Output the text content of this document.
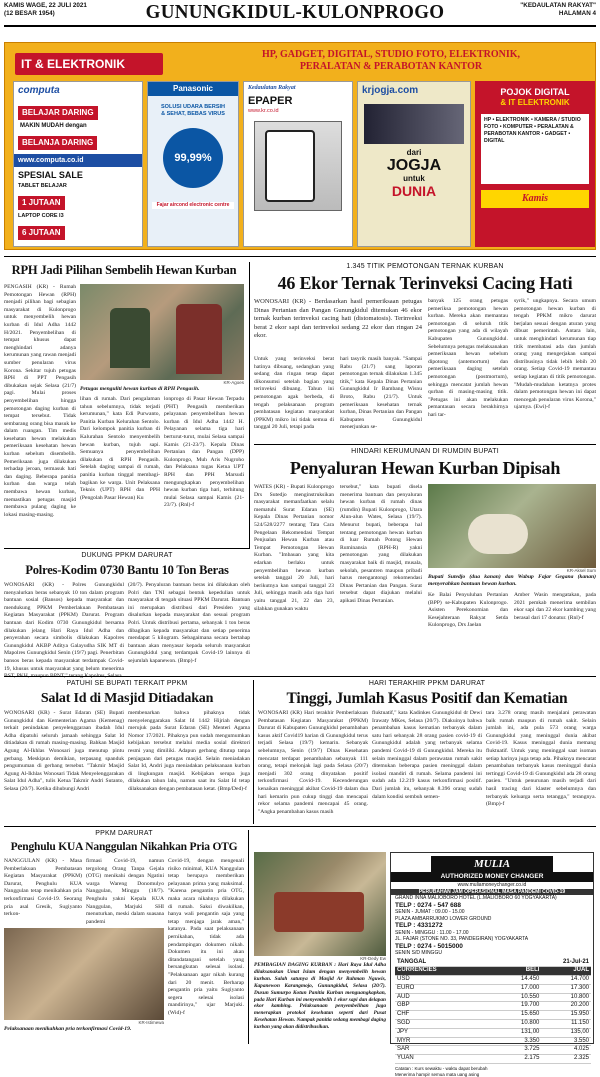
KAMIS WAGE, 22 JULI 2021
(12 BESAR 1954)	GUNUNGKIDUL-KULONPROGO	"KEDAULATAN RAKYAT"
HALAMAN 4
IT & ELEKTRONIK
HP, GADGET, DIGITAL, STUDIO FOTO, ELEKTRONIK,
PERALATAN & PERABOTAN KANTOR
computa
BELAJAR DARING
MAKIN MUDAH dengan
BELANJA DARING
www.computa.co.id
SPESIAL SALE
TABLET BELAJAR
1 JUTAAN
LAPTOP CORE I3
6 JUTAAN
Panasonic
SOLUSI UDARA BERSIH
& SEHAT, BEBAS VIRUS
99,99%
Fajar aircond electronic centre
Kedaulatan Rakyat
EPAPER
www.kr.co.id
krjogja.com
dari
JOGJA
untuk
DUNIA
POJOK DIGITAL
& IT ELEKTRONIK
HP • ELEKTRONIK • KAMERA / STUDIO FOTO • KOMPUTER • PERALATAN & PERABOTAN KANTOR • GADGET • DIGITAL
Kamis
RPH Jadi Pilihan Sembelih Hewan Kurban
PENGASIH (KR) - Rumah Pemotongan Hewan (RPH) menjadi pilihan bagi sebagian masyarakat di Kulonprogo untuk menyembelih hewan kurban di Idul Adha 1442 H/2021. Penyembelihan di tempat khusus dapat menghindari adanya kerumunan yang rawan menjadi sumber penularan virus Korona. Sekitar tujuh petugas RPH di PPT Pengasih dibukakan sejak Selasa (21/7) pagi. Mulai proses penyembelihan hingga pemotongan daging kurban di tempat tersebut. Tidak sembarang orang bisa masuk ke dalam ruangan. Tim medis kesehatan hewan melakukan pemeriksaan kesehatan hewan kurban sebelum disembelih. Pemeriksaan juga dilakukan terhadap jeroan, termasuk hati dan daging. Beberapa panitia kurban dan warga telah membawa hewan kurban, memastikan petugas masjid membawa pulang daging ke lokasi masing-masing.
KR-Agoes
Petugas menguliti hewan kurban di RPH Pengasih.
lihan di rumah. Dari pengalaman tahun sebelumnya, tidak terjadi kerumunan," kata Edi Purwanto, Panitia Kurban Kelurahan Sentolo. Dari kelompok panitia kurban di Kalurahan Sentolo menyembelih hewan kurban, tujuh sapi. Semuanya penyembelihan dilakukan di RPH Pengasih. Setelah daging sampai di rumah, panitia kurban tinggal membagi-bagikan ke warga. Unit Pelaksana Teknis (UPT) RPH dan PPH (Pengolah Pasar Hewan) Ku
lonprogo di Pasar Hewan Terpadu (PHT) Pengasih memberikan pelayanan penyembelihan hewan kurban di Idul Adha 1442 H. Pelayanan selama tiga hari berturut-turut, mulai Selasa sampai Kamis (21-23/7). Kepala Dinas Pertanian dan Pangan (DPP) Kulonprogo, Muh Aris Nugroho dan Pelaksana tugas Ketua UPT RPH dan PPH Marsudi mengungkapkan penyembelihan hewan kurban tiga hari, terhitung mulai Selasa sampai Kamis (21-23/7). (Rnl)-f
1.345 TITIK PEMOTONGAN TERNAK KURBAN
46 Ekor Ternak Terinveksi Cacing Hati
WONOSARI (KR) - Berdasarkan hasil pemeriksaan petugas Dinas Pertanian dan Pangan Gunungkidul ditemukan 46 ekor ternak kurban terinveksi cacing hati (distomatosis). Terinveksi berat 2 ekor sapi dan terinveksi sedang 22 ekor dan ringan 24 ekor.
Untuk yang terinveksi berat hatinya dibuang, sedangkan yang sedang dan ringan tetap dapat dikonsumsi setelah bagian yang terinveksi dibuang. Tahun ini pemotongan agak berbeda, di tengah pelaksanaan program pembatasan kegiatan masyarakat (PPKM) mikro ini tidak semua di tanggal 20 Juli, tetapi pada
hari tasyrik masih banyak. "Sampai Rabu (21/7) sang laporan pemotongan ternak dilakukan 1.345 titik," kata Kepala Dinas Pertanian Gunungkidul Ir Bambang Wisnu Broto, Rabu (21/7). Untuk pemeriksaan kesehatan ternak kurban, Dinas Pertanian dan Pangan Kabupaten Gunungkidul menerjunkan se-
banyak 125 orang petugas pemeriksa pemotongan hewan kurban. Mereka akan memantau pemotongan di seluruh titik pemotongan yang ada di wilayah Kabupaten Gunungkidul. Sebelumnya petugas melaksanakan pemeriksaan hewan sebelum dipotong (antemortum) dan pemeriksaan daging setelah pemotongan (postmortum), sehingga mencatat jumlah hewan qurban di masing-masing titik. "Petugas ini akan melakukan pemantauan secara berakhirnya hari tar-
syrik," ungkapnya. Secara umum pemotongan hewan kurban di tengah PPKM mikro darurat berjalan sesuai dengan aturan yang dibuat pemerintah. Antara lain, untuk menghindari kerumunan tiap titik membatasi ada dan jumlah orang yang mengerjakan sampai distribusinya tidak lebih lebih 20 orang. Setiap Covid-19 memantau setiap kegiatan di titik pemotongan. "Mudah-mudahan ketatnya protes dalam pemotongan hewan ini dapat mencegah penularan virus Korona," ujarnya. (Ewi)-f
HINDARI KERUMUNAN DI RUMDIN BUPATI
Penyaluran Hewan Kurban Dipisah
WATES (KR) - Bupati Kulonprogo Drs Sutedjo menginstruksikan masyarakat memanfaatkan selalu mematuhi Surat Edaran (SE) Kepala Dinas Pertanian nomor 524/528/2277 tentang Tata Cara Pengelaan Rekomendasi Tempat Penjualan Hewan Kurban atau Tempat Pemotongan Hewan Kurban. "Imbauan yang kita edarkan berlaku untuk penyembelihan hewan kurban setelah tanggal 20 Juli, hari berikutnya kan sampai tanggal 23 Juli, sehingga masih ada tiga hari yaitu tanggal 21, 22 dan 23, silahkan gunakan waktu
tersebut," kata bupati disela menerima bantuan dan penyaluran hewan kurban di rumah dinas (rumdin) Bupati Kulonprogo, Utara Alun-alun Wates, Selasa (19/7). Menurut bupati, beberapa hal tentang pemotongan hewan kurban di luar Rumah Potong Hewan Ruminansia (RPH-R) yakni pemotongan yang dilakukan masyarakat baik di masjid, musala, sekolah, pesantren maupun pribadi harus mengantongi rekomendasi Dinas Pertanian dan Pangan. Surat tersebut dapat diajukan melalui apikasi Dinas Pertanian.
KR-Aksel Sum
Bupati Sutedjo (dua kanan) dan Wabup Fajar Gegana (kanan) menyerahkan bantuan hewan kurban.
Ke Balai Penyuluhan Pertanian (BPP) se-Kabupaten Kulonprogo. Asisten Perekonomian dan Kesejahteraan Rakyat Setda Kulonprogo, Drs Jaelan
Amber Wasin mengatakan, pada 2021 pemkab menerima sembilan ekor sapi dan 22 ekor kambing yang berasal dari 17 donatur. (Rnl)-f
DUKUNG PPKM DARURAT
Polres-Kodim 0730 Bantu 10 Ton Beras
WONOSARI (KR) - Polres Gunungkidul menyalurkan beras sebanyak 10 ton dalam program bantuan sosial (Bansos) kepada masyarakat dan mendukung PPKM Pemberlakuan Pembatasan Kegiatan Masyarakat (PPKM) Darurat. Program bantuan dari Kodim 0730 Gunungkidul bersama dilakukan jelang Hari Raya Idul Adha dan penyerahan secara simbolis dilakukan Kapolres Gunungkidul AKBP Aditya Galayudha SIK MT di Mapolres Gunungkidul Senin (19/7) pagi. Penerbitan bansos beras kepada masyarakat terdampak Covid-19, khusus untuk masyarakat yang belum menerima
(20/7). Penyaluran bantuan beras ini dilakukan oleh Polri dan TNI sebagai bentuk kepedulian untuk masyarakat di tengah situasi PPKM Darurat. Bantuan ini merupakan distribusi dari Presiden yang disalurkan kepada masyarakat dan sesuai program Polri. Untuk distribusi pertama, sebanyak 1 ton beras dibagikan kepada masyarakat dan setiap penerima mendapat 5 kilogram. Sebagaimana secara bertahap bantuan akan menyasar kepada seluruh masyarakat Gunungkidul yang terdampak Covid-19 lainnya di sejumlah kapanewon. (Bmp)-f
PATUHI SE BUPATI TERKAIT PPKM
Salat Id di Masjid Ditiadakan
WONOSARI (KR) - Surat Edaran (SE) Bupati Gunungkidul dan Kementerian Agama (Kemenag) terkait penindakan penyelenggaraan ibadah Idul Adha dipatuhi seluruh jamaah sehingga Salat Id ditiadakan di rumah masing-masing. Bahkan Masjid Agung Al-Ikhlas Wonosari juga menutup pintu gerbang. Meskipun demikian, terpasang spanduk pengumuman di gerbang tersebut. "Takmir Masjid Agung Al-Ikhlas Wonosari Tidak Menyelenggarakan Salat Idul Adha", tulis Ketua Takmir Andri Sutanto, Selasa (20/7). Ketika dihubungi Andri
membenarkan bahwa pihaknya tidak menyelenggarakan Salat Id 1442 Hijriah dengan merujuk pada Surat Edaran (SE) Menteri Agama Nomor 17/2021. Pihaknya pun sudah mengumumkan kebijakan tersebut melalui media sosial direktori resmi yang dimiliki. Adapun gerbang ditutup tanpa penjagaan dari petugas masjid. Selain meniadakan Salat Id, Andri juga meniadakan pelaksanaan kurban di lingkungan masjid. Kebijakan serupa juga dilakukan tahun lalu, namun saat itu Salat Id tetap dilaksanakan dengan pembatasan ketat. (Bmp/Ded)-f
HARI TERAKHIR PPKM DARURAT
Tinggi, Jumlah Kasus Positif dan Kematian
WONOSARI (KR) Hari terakhir Pemberlakuan Pembatasan Kegiatan Masyarakat (PPKM) Darurat di Kabupaten Gunungkidul penambahan kasus aktif Covid19 harian di Gunungkidul terus terjadi Selasa (19/7) kemarin. Sebanyak sebelumnya, Senin (19/7) Dinas Kesehatan mencatat terdapat penambahan sebanyak 111 orang, tetapi melonjak lagi pada Selasa (20/7) menjadi 302 orang dinyatakan positif terkonfirmasi Covid-19. Kecenderungan kenaikan meninggal akibat Covid-19 dalam dua hari kemarin pun cukup tinggi dan mencapai rekor selama pandemi mencapai 45 orang. "Angka penambahan kasus masih
fluktuatif," kata Kadinkes Gunungkidul dr Dewi Irawaty MKes, Selasa (20/7). Diakuinya bahwa penambahan kasus kematian terbanyak dalam satu hari sebanyak 28 orang pasien covid-19 di Gunungkidul adalah yang terbanyak selama pandemi Covid-19 di Gunungkidul. Mereka itu selain meninggal dalam perawatan rumah sakit ditemukan beberapa pasien meninggal dalam isolasi mandiri di rumah. Selama pandemi ini sudah ada 12.219 kasus terkonfirmasi positif. Dari jumlah itu, sebanyak 8.396 orang sudah dalam kondisi sembuh semen-
tara 3.278 orang masih menjalani perawatan baik rumah maupun di rumah sakit. Selain jumlah ini, ada pula 573 orang warga Gunungkidul yang meninggal dunia akibat Covid-19. Kasus meninggal dunia memang fluktuatif. Untuk yang meninggal saat isoman setiap harinya juga tetap ada. Pihaknya mencatat penambahan terbanyak kasus meninggal dunia tertinggi Covid-19 di Gunungkidul ada 28 orang pasien. "Untuk penurunan masih terjadi dari hasil tracing dari klaster sebelumnya dan terbanyak keluarga serta tetangga," terangnya. (Bmp)-f
PPKM DARURAT
Penghulu KUA Nanggulan Nikahkan Pria OTG
NANGGULAN (KR) - Masa Pemberlakuan Pembatasan Kegiatan Masyarakat (PPKM) Darurat, Penghulu KUA Nanggulan tetap menikahkan pria terkonfirmasi Covid-19. Seorang pria asal Gresik, Sugiyanto terkon-
firmasi Covid-19, namun tergolong Orang Tanpa Gejala (OTG) menikahi dengan Ngatini warga Wareng Donomulyo Nanggulan, Minggu (18/7). Penghulu yakni Kepala KUA Nanggulan, Marjuki SHI menuturkan, meski dalam suasana pandemi
Covid-19, dengan mengenali risiko minimal, KUA Nanggulan tetap berupaya memberikan pelayanan prima yang maksimal. "Karena pengantin pria OTG, maka acara nikahnya dilakukan di rumah. Saksi diwakilkan, hanya wali pengantin saja yang tetap menjaga jarak aman," katanya. Pada saat pelaksanaan pernikahan, tidak ada pendampingan dokumen nikah. Dokumen itu ini akan ditandatangani setelah yang bersangkutan selesai isolasi. "Pelaksanaan agar nikah kurang dari 20 menit. Berharap pengantin pria yaitu Sugiyanto segera selesai isolasi mandirinya," ujar Marjuki. (Wid)-f
KR-Istimewa
Pelaksanaan menikahkan pria terkonfirmasi Covid-19.
KR-Dedy Ew
PEMBAGIAN DAGING KURBAN : Hari Raya Idul Adha dilaksanakan Umat Islam dengan menyembelih hewan kurban. Salah satunya di Masjid Ar Rahman Nguwis, Kapanewon Karangmojo, Gunungkidul, Selasa (20/7). Dusun Sumurpo Kotun Panitia Kurban menguangkapkan, pada Hari Kurban ini menyembelih 1 ekor sapi dan delapan ekor kambing. Pelaksanaan penyembelihan juga menerapkan protokol kesehatan seperti dari Pusat Kesehatan Hewan. Nampak panitia sedang membagi daging kurban yang akan didistribusikan.
MULIA
AUTHORIZED MONEY CHANGER
www.muliamoneychanger.co.id
PERUBAHAN JAM OPERASIONAL MASA PANDEMI COVID-19
GRAND INNA MALIOBORO HOTEL (L.MALIOBORO 60 YOGYAKARTA)
TELP : 0274 - 547 688
SENIN - JUMAT : 09.00 - 15.00
PLAZA AMBARRUKMO LOWER GROUND
TELP : 4331272
SENIN - MINGGU : 11.00 - 17.00
JL. FAJAR (STONE NO. 33, PANDEGIRAN) YOGYAKARTA
TELP : 0274 - 5015000
SENIN S/D MINGGU
TANGGAL	21-Jul-21	
CURRENCIES	BELI	JUAL
USD	14.450	14.700
EURO	17.000	17.300
AUD	10.550	10.800
GBP	19.700	20.200
CHF	15.650	15.950
SGD	10.800	11.150
JPY	131,00	135,00
MYR	3.350	3.550
SAR	3.725	4.025
YUAN	2.175	2.325
Catatan : Kurs sewaktu - waktu dapat berubah
Menerima hampir semua mata uang asing
